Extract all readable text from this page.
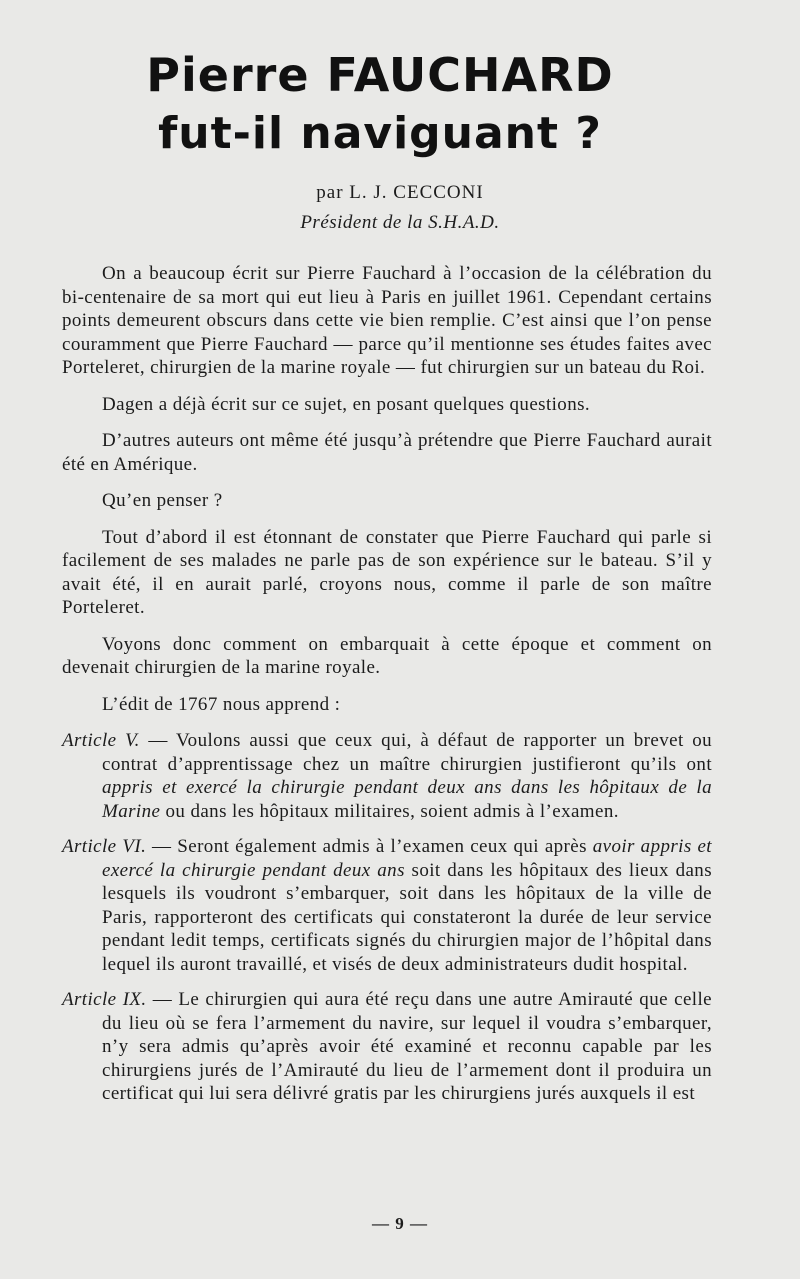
Pierre FAUCHARD
fut-il naviguant ?
par L. J. CECCONI
Président de la S.H.A.D.

On a beaucoup écrit sur Pierre Fauchard à l’occasion de la célébration du bi-centenaire de sa mort qui eut lieu à Paris en juillet 1961. Cependant certains points demeurent obscurs dans cette vie bien remplie. C’est ainsi que l’on pense couramment que Pierre Fauchard — parce qu’il mentionne ses études faites avec Porteleret, chirurgien de la marine royale — fut chirurgien sur un bateau du Roi.

Dagen a déjà écrit sur ce sujet, en posant quelques questions.

D’autres auteurs ont même été jusqu’à prétendre que Pierre Fauchard aurait été en Amérique.

Qu’en penser ?

Tout d’abord il est étonnant de constater que Pierre Fauchard qui parle si facilement de ses malades ne parle pas de son expérience sur le bateau. S’il y avait été, il en aurait parlé, croyons nous, comme il parle de son maître Porteleret.

Voyons donc comment on embarquait à cette époque et comment on devenait chirurgien de la marine royale.

L’édit de 1767 nous apprend :

Article V. — Voulons aussi que ceux qui, à défaut de rapporter un brevet ou contrat d’apprentissage chez un maître chirurgien justifieront qu’ils ont appris et exercé la chirurgie pendant deux ans dans les hôpitaux de la Marine ou dans les hôpitaux militaires, soient admis à l’examen.
Article VI. — Seront également admis à l’examen ceux qui après avoir appris et exercé la chirurgie pendant deux ans soit dans les hôpitaux des lieux dans lesquels ils voudront s’embarquer, soit dans les hôpitaux de la ville de Paris, rapporteront des certificats qui constateront la durée de leur service pendant ledit temps, certificats signés du chirurgien major de l’hôpital dans lequel ils auront travaillé, et visés de deux administrateurs dudit hospital.
Article IX. — Le chirurgien qui aura été reçu dans une autre Amirauté que celle du lieu où se fera l’armement du navire, sur lequel il voudra s’embarquer, n’y sera admis qu’après avoir été examiné et reconnu capable par les chirurgiens jurés de l’Amirauté du lieu de l’armement dont il produira un certificat qui lui sera délivré gratis par les chirurgiens jurés auxquels il est
— 9 —
